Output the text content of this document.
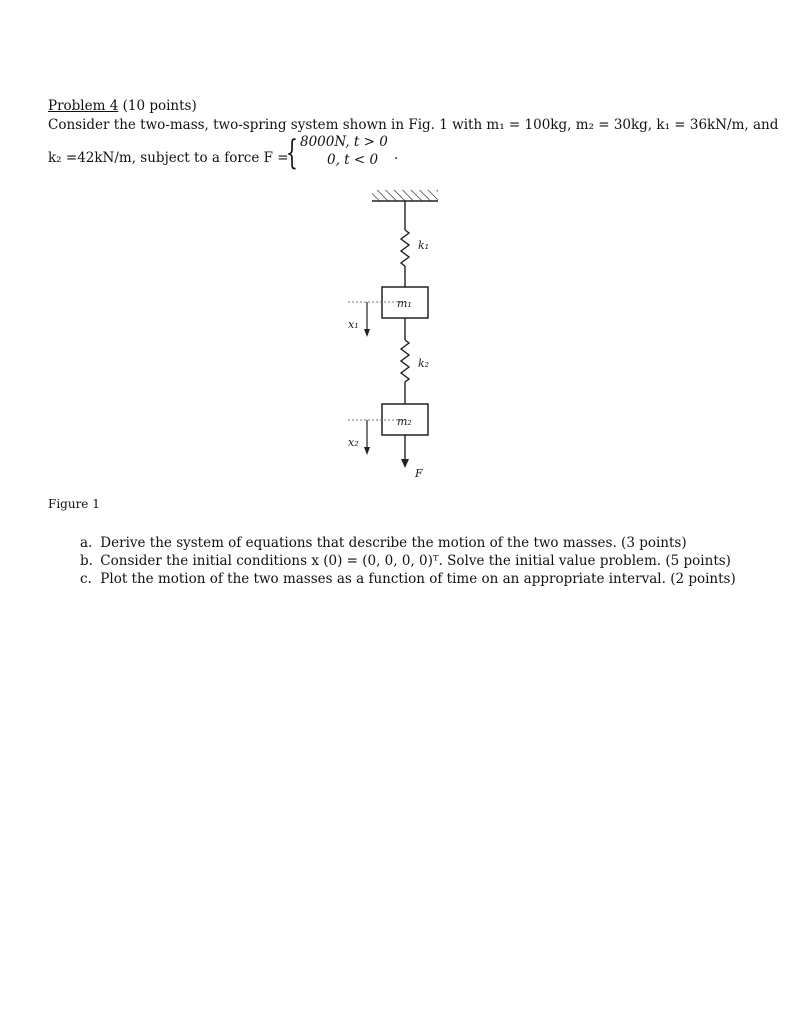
Problem 4 (10 points)
Consider the two-mass, two-spring system shown in Fig. 1 with m₁ = 100kg, m₂ = 30kg, k₁ = 36kN/m, and
k₂ =42kN/m, subject to a force F =
{ 8000N, t > 0
0, t < 0 .
k₁
m₁
x₁
k₂
m₂
x₂
F
Figure 1
a. Derive the system of equations that describe the motion of the two masses. (3 points)
b. Consider the initial conditions x (0) = (0, 0, 0, 0)ᵀ. Solve the initial value problem. (5 points)
c. Plot the motion of the two masses as a function of time on an appropriate interval. (2 points)
